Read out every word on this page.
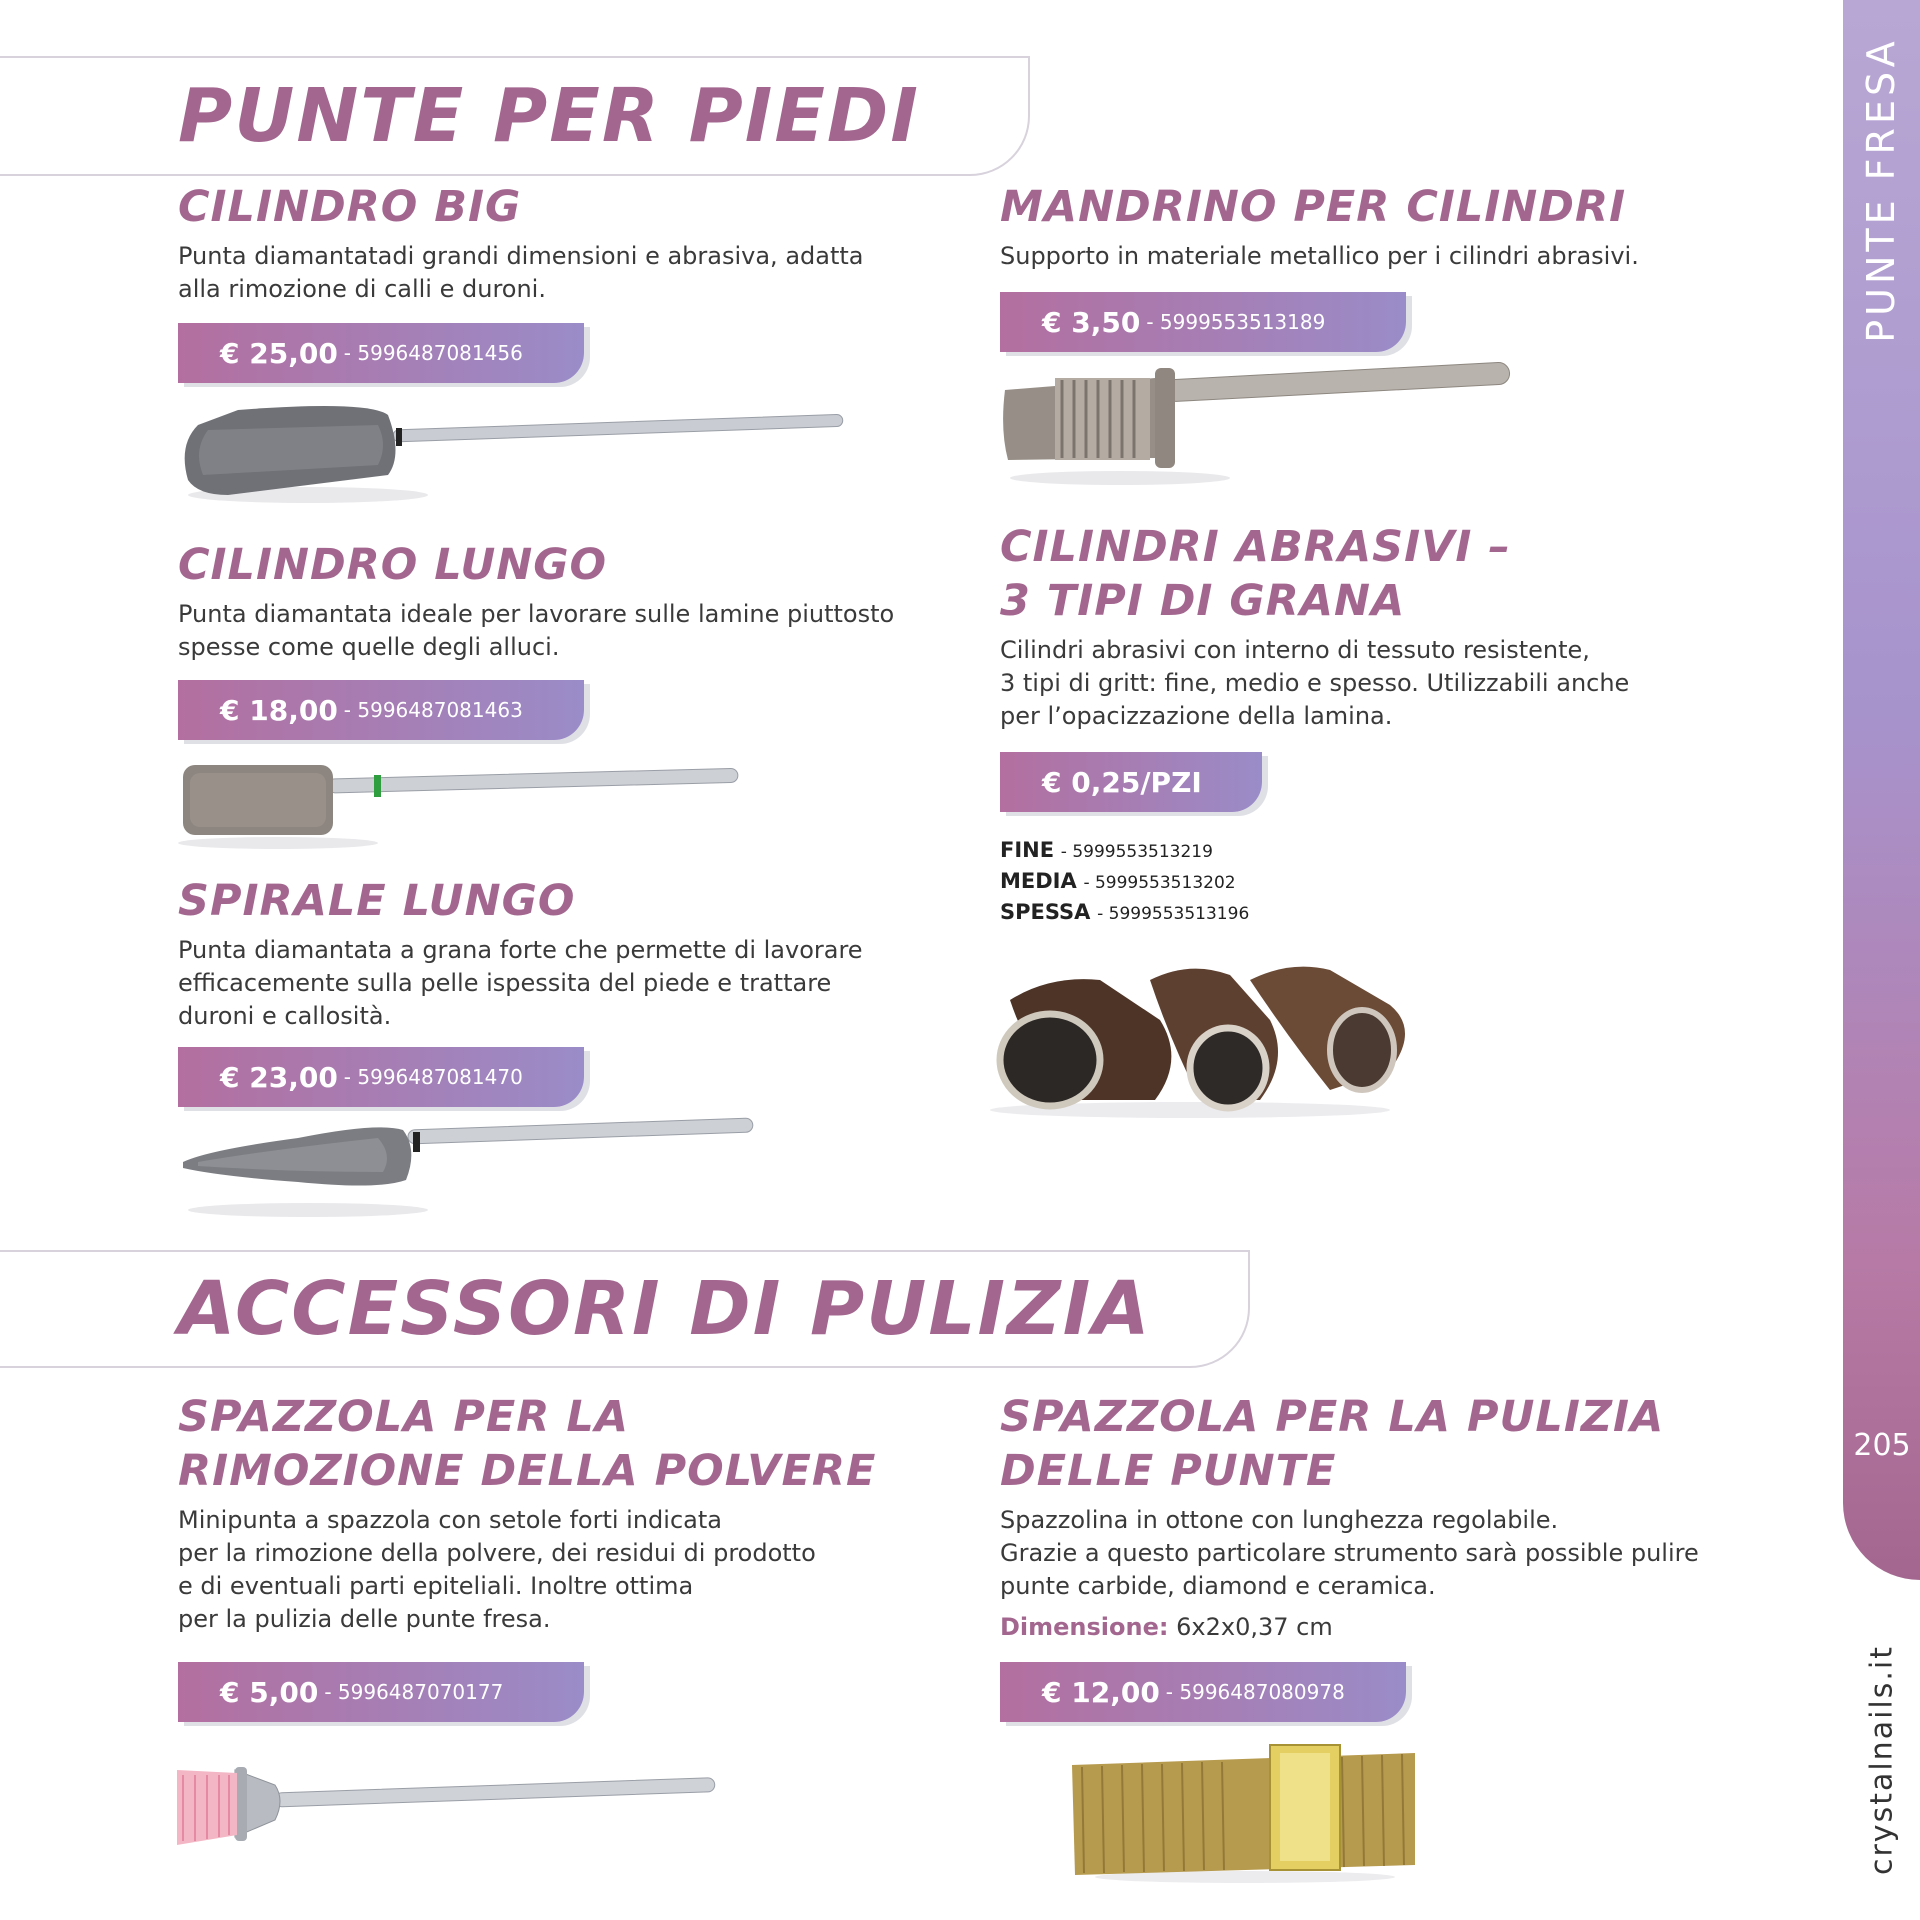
PUNTE PER PIEDI
CILINDRO BIG

Punta diamantatadi grandi dimensioni e abrasiva, adatta
alla rimozione di calli e duroni.

€ 25,00 - 5996487081456
CILINDRO LUNGO

Punta diamantata ideale per lavorare sulle lamine piuttosto
spesse come quelle degli alluci.

€ 18,00 - 5996487081463
SPIRALE LUNGO

Punta diamantata a grana forte che permette di lavorare
efficacemente sulla pelle ispessita del piede e trattare
duroni e callosità.

€ 23,00 - 5996487081470
MANDRINO PER CILINDRI

Supporto in materiale metallico per i cilindri abrasivi.

€ 3,50 - 5999553513189
CILINDRI ABRASIVI –
3 TIPI DI GRANA

Cilindri abrasivi con interno di tessuto resistente,
3 tipi di gritt: fine, medio e spesso. Utilizzabili anche
per l’opacizzazione della lamina.

€ 0,25/PZI
FINE - 5999553513219
MEDIA - 5999553513202
SPESSA - 5999553513196
ACCESSORI DI PULIZIA
SPAZZOLA PER LA
RIMOZIONE DELLA POLVERE

Minipunta a spazzola con setole forti indicata
per la rimozione della polvere, dei residui di prodotto
e di eventuali parti epiteliali. Inoltre ottima
per la pulizia delle punte fresa.

€ 5,00 - 5996487070177
SPAZZOLA PER LA PULIZIA
DELLE PUNTE

Spazzolina in ottone con lunghezza regolabile.
Grazie a questo particolare strumento sarà possible pulire
punte carbide, diamond e ceramica.

Dimensione: 6x2x0,37 cm

€ 12,00 - 5996487080978
PUNTE FRESA
205
crystalnails.it
